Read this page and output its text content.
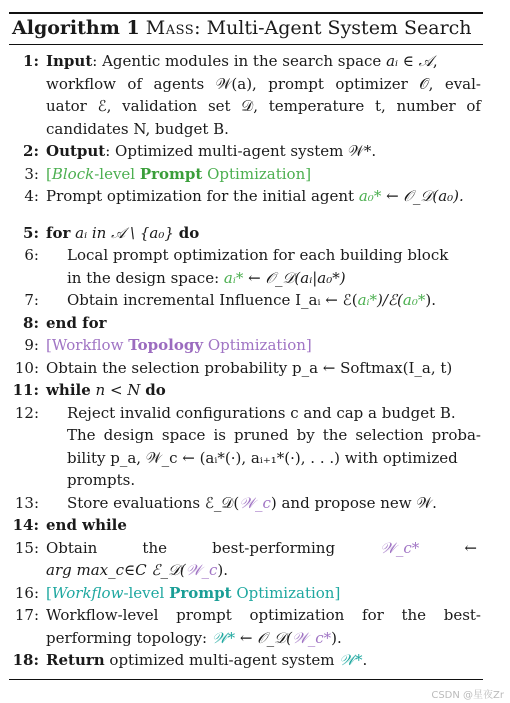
Algorithm 1 Mass: Multi-Agent System Search
1: Input: Agentic modules in the search space aᵢ ∈ 𝒜,
workflow of agents 𝒲(a), prompt optimizer 𝒪, eval-
uator ℰ, validation set 𝒟, temperature t, number of
candidates N, budget B.
2: Output: Optimized multi-agent system 𝒲*.
3: [Block-level Prompt Optimization]
4: Prompt optimization for the initial agent a₀* ← 𝒪_𝒟(a₀).
5: for aᵢ in 𝒜 \ {a₀} do
6: Local prompt optimization for each building block
in the design space: aᵢ* ← 𝒪_𝒟(aᵢ|a₀*)
7: Obtain incremental Influence I_aᵢ ← ℰ(aᵢ*)/ℰ(a₀*).
8: end for
9: [Workflow Topology Optimization]
10: Obtain the selection probability p_a ← Softmax(I_a, t)
11: while n < N do
12: Reject invalid configurations c and cap a budget B.
The design space is pruned by the selection proba-
bility p_a, 𝒲_c ← (aᵢ*(·), aᵢ₊₁*(·), . . .) with optimized
prompts.
13: Store evaluations ℰ_𝒟(𝒲_c) and propose new 𝒲.
14: end while
15: Obtain	the	best-performing	𝒲_c*	←
arg max_c∈C ℰ_𝒟(𝒲_c).
16: [Workflow-level Prompt Optimization]
17: Workflow-level prompt optimization for the best-
performing topology: 𝒲* ← 𝒪_𝒟(𝒲_c*).
18: Return optimized multi-agent system 𝒲*.
CSDN @星夜Zr
